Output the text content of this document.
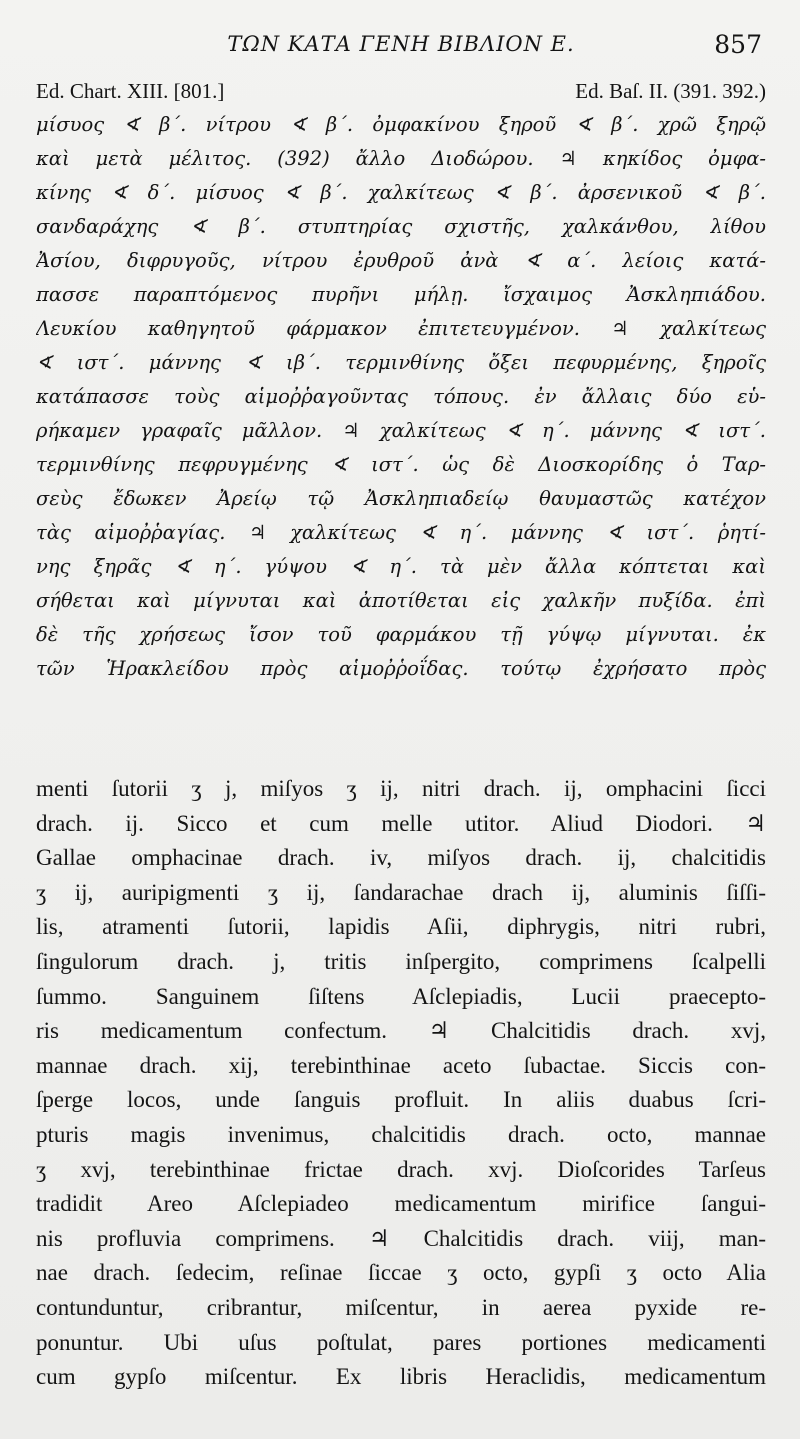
ΤΩΝ ΚΑΤΑ ΓΕΝΗ ΒΙΒΛΙΟΝ Ε.	857
Ed. Chart. XIII. [801.]	Ed. Baſ. II. (391. 392.)
μίσυος ∢ β΄. νίτρου ∢ β΄. ὀμφακίνου ξηροῦ ∢ β΄. χρῶ ξηρῷ
καὶ μετὰ μέλιτος. (392) ἄλλο Διοδώρου. ♃ κηκίδος ὀμφα-
κίνης ∢ δ΄. μίσυος ∢ β΄. χαλκίτεως ∢ β΄. ἀρσενικοῦ ∢ β΄.
σανδαράχης ∢ β΄. στυπτηρίας σχιστῆς, χαλκάνθου, λίθου
Ἀσίου, διφρυγοῦς, νίτρου ἐρυθροῦ ἀνὰ ∢ α΄. λείοις κατά-
πασσε παραπτόμενος πυρῆνι μήλῃ. ἴσχαιμος Ἀσκληπιάδου.
Λευκίου καθηγητοῦ φάρμακον ἐπιτετευγμένον. ♃ χαλκίτεως
∢ ιστ΄. μάννης ∢ ιβ΄. τερμινθίνης ὄξει πεφυρμένης, ξηροῖς
κατάπασσε τοὺς αἱμοῤῥαγοῦντας τόπους. ἐν ἄλλαις δύο εὑ-
ρήκαμεν γραφαῖς μᾶλλον. ♃ χαλκίτεως ∢ η΄. μάννης ∢ ιστ΄.
τερμινθίνης πεφρυγμένης ∢ ιστ΄. ὡς δὲ Διοσκορίδης ὁ Ταρ-
σεὺς ἔδωκεν Ἀρείῳ τῷ Ἀσκληπιαδείῳ θαυμαστῶς κατέχον
τὰς αἱμοῤῥαγίας. ♃ χαλκίτεως ∢ η΄. μάννης ∢ ιστ΄. ῥητί-
νης ξηρᾶς ∢ η΄. γύψου ∢ η΄. τὰ μὲν ἄλλα κόπτεται καὶ
σήθεται καὶ μίγνυται καὶ ἀποτίθεται εἰς χαλκῆν πυξίδα. ἐπὶ
δὲ τῆς χρήσεως ἴσον τοῦ φαρμάκου τῇ γύψῳ μίγνυται. ἐκ
τῶν Ἡρακλείδου πρὸς αἱμοῤῥοΐδας. τούτῳ ἐχρήσατο πρὸς
menti ſutorii ʒ j, miſyos ʒ ij, nitri drach. ij, omphacini ſicci
drach. ij. Sicco et cum melle utitor. Aliud Diodori. ♃
Gallae omphacinae drach. iv, miſyos drach. ij, chalcitidis
ʒ ij, auripigmenti ʒ ij, ſandarachae drach ij, aluminis ſiſſi-
lis, atramenti ſutorii, lapidis Aſii, diphrygis, nitri rubri,
ſingulorum drach. j, tritis inſpergito, comprimens ſcalpelli
ſummo. Sanguinem ſiſtens Aſclepiadis, Lucii praecepto-
ris medicamentum confectum. ♃ Chalcitidis drach. xvj,
mannae drach. xij, terebinthinae aceto ſubactae. Siccis con-
ſperge locos, unde ſanguis profluit. In aliis duabus ſcri-
pturis magis invenimus, chalcitidis drach. octo, mannae
ʒ xvj, terebinthinae frictae drach. xvj. Dioſcorides Tarſeus
tradidit Areo Aſclepiadeo medicamentum mirifice ſangui-
nis profluvia comprimens. ♃ Chalcitidis drach. viij, man-
nae drach. ſedecim, reſinae ſiccae ʒ octo, gypſi ʒ octo Alia
contunduntur, cribrantur, miſcentur, in aerea pyxide re-
ponuntur. Ubi uſus poſtulat, pares portiones medicamenti
cum gypſo miſcentur. Ex libris Heraclidis, medicamentum
